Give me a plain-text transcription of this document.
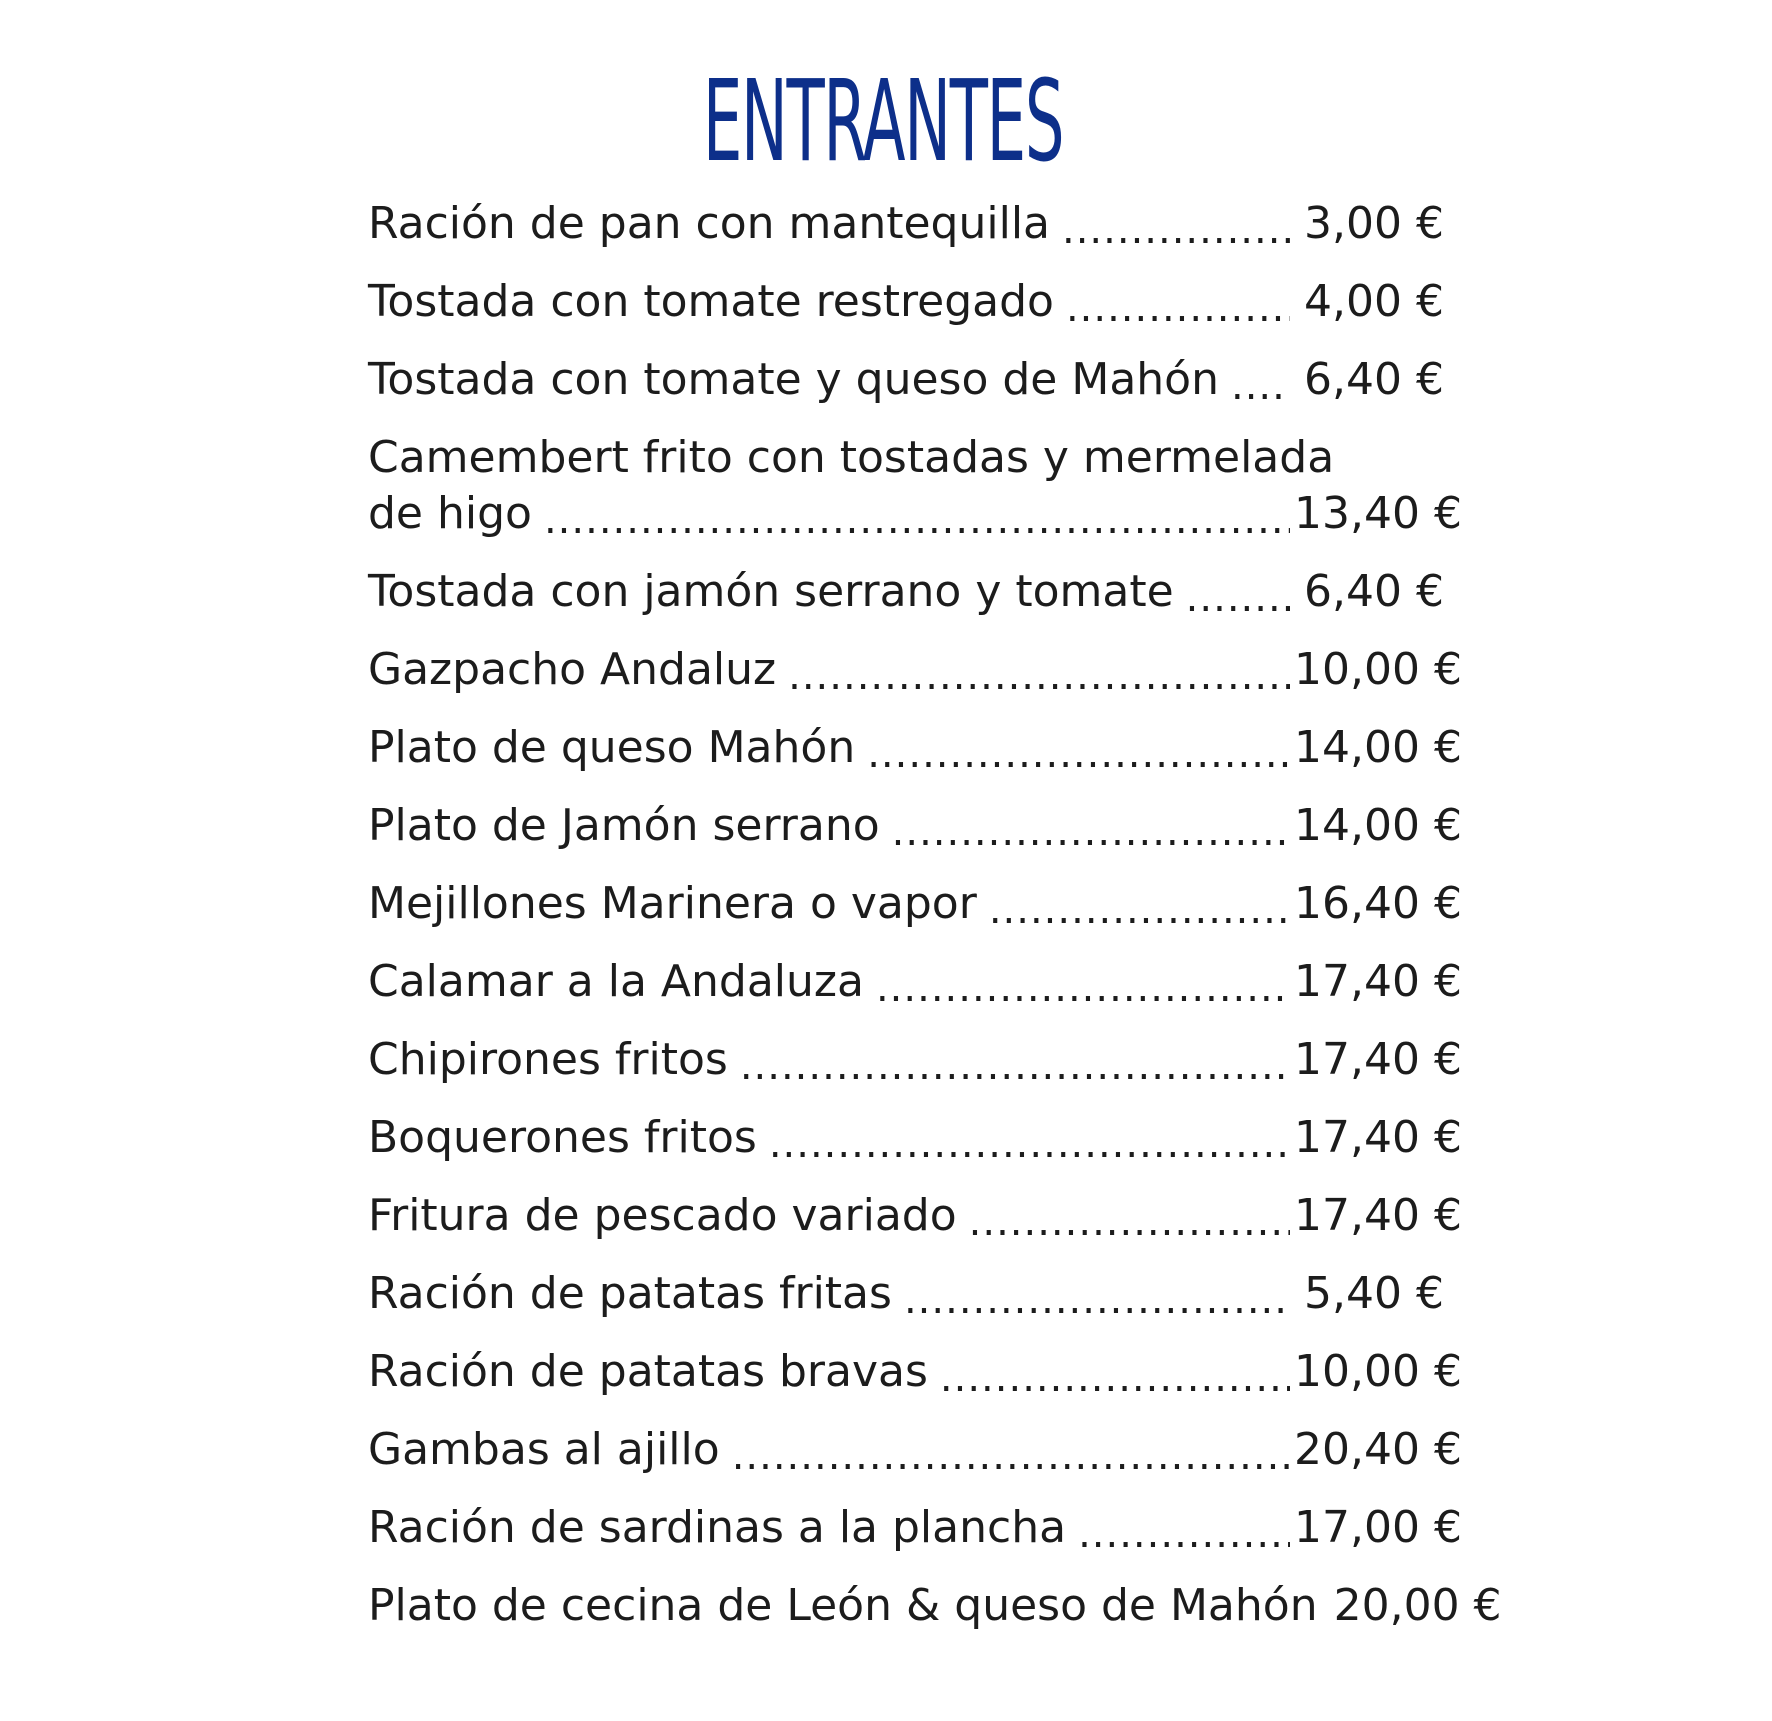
ENTRANTES
Ración de pan con mantequilla .....	3,00 €
Tostada con tomate restregado .....	4,00 €
Tostada con tomate y queso de Mahón ..... 6,40 €
Camembert frito con tostadas y mermelada
de higo .....	13,40 €
Tostada con jamón serrano y tomate .....	6,40 €
Gazpacho Andaluz .....	10,00 €
Plato de queso Mahón .....	14,00 €
Plato de Jamón serrano .....	14,00 €
Mejillones Marinera o vapor .....	16,40 €
Calamar a la Andaluza .....	17,40 €
Chipirones fritos .....	17,40 €
Boquerones fritos .....	17,40 €
Fritura de pescado variado .....	17,40 €
Ración de patatas fritas .....	5,40 €
Ración de patatas bravas .....	10,00 €
Gambas al ajillo .....	20,40 €
Ración de sardinas a la plancha .....	17,00 €
Plato de cecina de León & queso de Mahón 20,00 €
